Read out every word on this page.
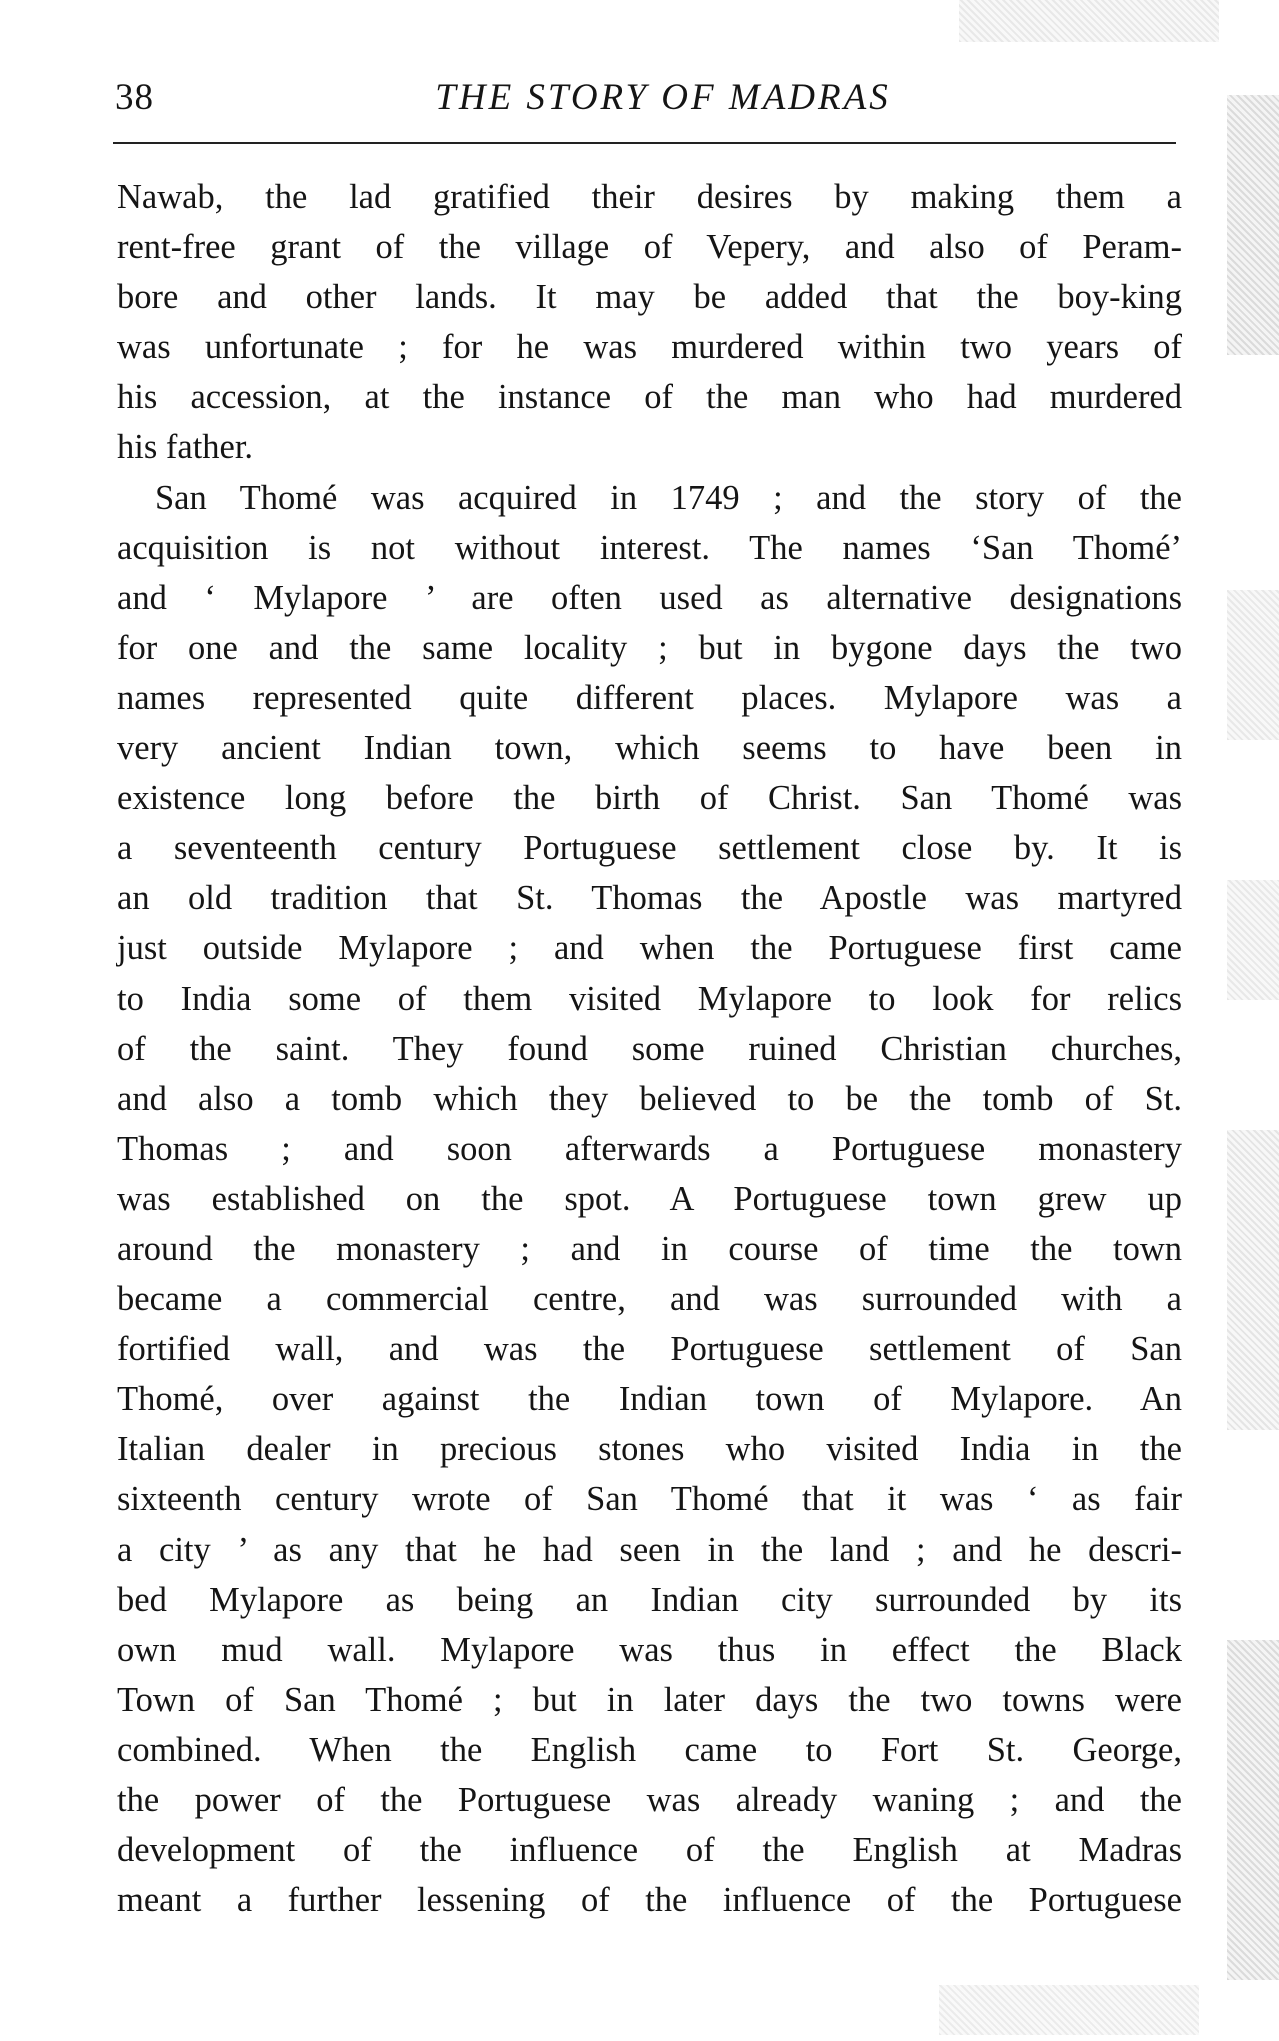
38	THE STORY OF MADRAS
Nawab, the lad gratified their desires by making them a
rent-free grant of the village of Vepery, and also of Peram-
bore and other lands. It may be added that the boy-king
was unfortunate ; for he was murdered within two years of
his accession, at the instance of the man who had murdered
his father.
San Thomé was acquired in 1749 ; and the story of the
acquisition is not without interest. The names ‘San Thomé’
and ‘ Mylapore ’ are often used as alternative designations
for one and the same locality ; but in bygone days the two
names represented quite different places. Mylapore was a
very ancient Indian town, which seems to have been in
existence long before the birth of Christ. San Thomé was
a seventeenth century Portuguese settlement close by. It is
an old tradition that St. Thomas the Apostle was martyred
just outside Mylapore ; and when the Portuguese first came
to India some of them visited Mylapore to look for relics
of the saint. They found some ruined Christian churches,
and also a tomb which they believed to be the tomb of St.
Thomas ; and soon afterwards a Portuguese monastery
was established on the spot. A Portuguese town grew up
around the monastery ; and in course of time the town
became a commercial centre, and was surrounded with a
fortified wall, and was the Portuguese settlement of San
Thomé, over against the Indian town of Mylapore. An
Italian dealer in precious stones who visited India in the
sixteenth century wrote of San Thomé that it was ‘ as fair
a city ’ as any that he had seen in the land ; and he descri-
bed Mylapore as being an Indian city surrounded by its
own mud wall. Mylapore was thus in effect the Black
Town of San Thomé ; but in later days the two towns were
combined. When the English came to Fort St. George,
the power of the Portuguese was already waning ; and the
development of the influence of the English at Madras
meant a further lessening of the influence of the Portuguese
